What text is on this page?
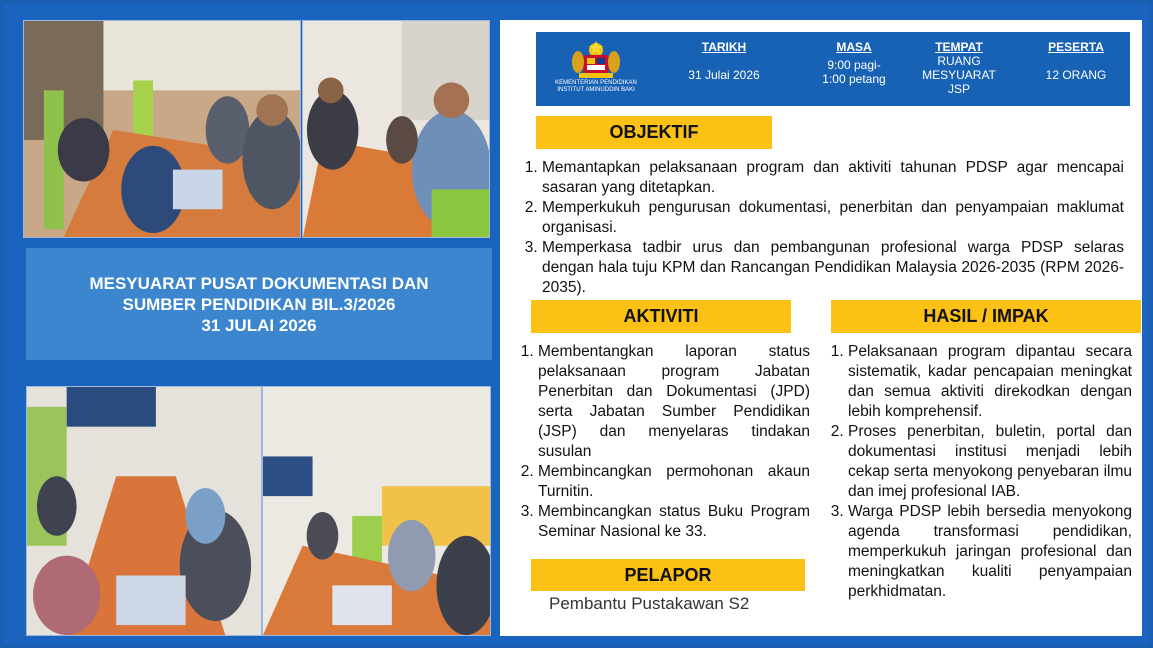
MESYUARAT PUSAT DOKUMENTASI DAN
SUMBER PENDIDIKAN BIL.3/2026
31 JULAI 2026
KEMENTERIAN PENDIDIKAN
INSTITUT AMINUDDIN BAKI
TARIKH
31 Julai 2026
MASA
9:00 pagi-
1:00 petang
TEMPAT
RUANG
MESYUARAT
JSP
PESERTA
12 ORANG
OBJEKTIF
1. Memantapkan pelaksanaan program dan aktiviti tahunan PDSP agar mencapai sasaran yang ditetapkan.
2. Memperkukuh pengurusan dokumentasi, penerbitan dan penyampaian maklumat organisasi.
3. Memperkasa tadbir urus dan pembangunan profesional warga PDSP selaras dengan hala tuju KPM dan Rancangan Pendidikan Malaysia 2026-2035 (RPM 2026-2035).
AKTIVITI
1. Membentangkan laporan status pelaksanaan program Jabatan Penerbitan dan Dokumentasi (JPD) serta Jabatan Sumber Pendidikan (JSP) dan menyelaras tindakan susulan
2. Membincangkan permohonan akaun Turnitin.
3. Membincangkan status Buku Program Seminar Nasional ke 33.
HASIL / IMPAK
1. Pelaksanaan program dipantau secara sistematik, kadar pencapaian meningkat dan semua aktiviti direkodkan dengan lebih komprehensif.
2. Proses penerbitan, buletin, portal dan dokumentasi institusi menjadi lebih cekap serta menyokong penyebaran ilmu dan imej profesional IAB.
3. Warga PDSP lebih bersedia menyokong agenda transformasi pendidikan, memperkukuh jaringan profesional dan meningkatkan kualiti penyampaian perkhidmatan.
PELAPOR
Pembantu Pustakawan S2
